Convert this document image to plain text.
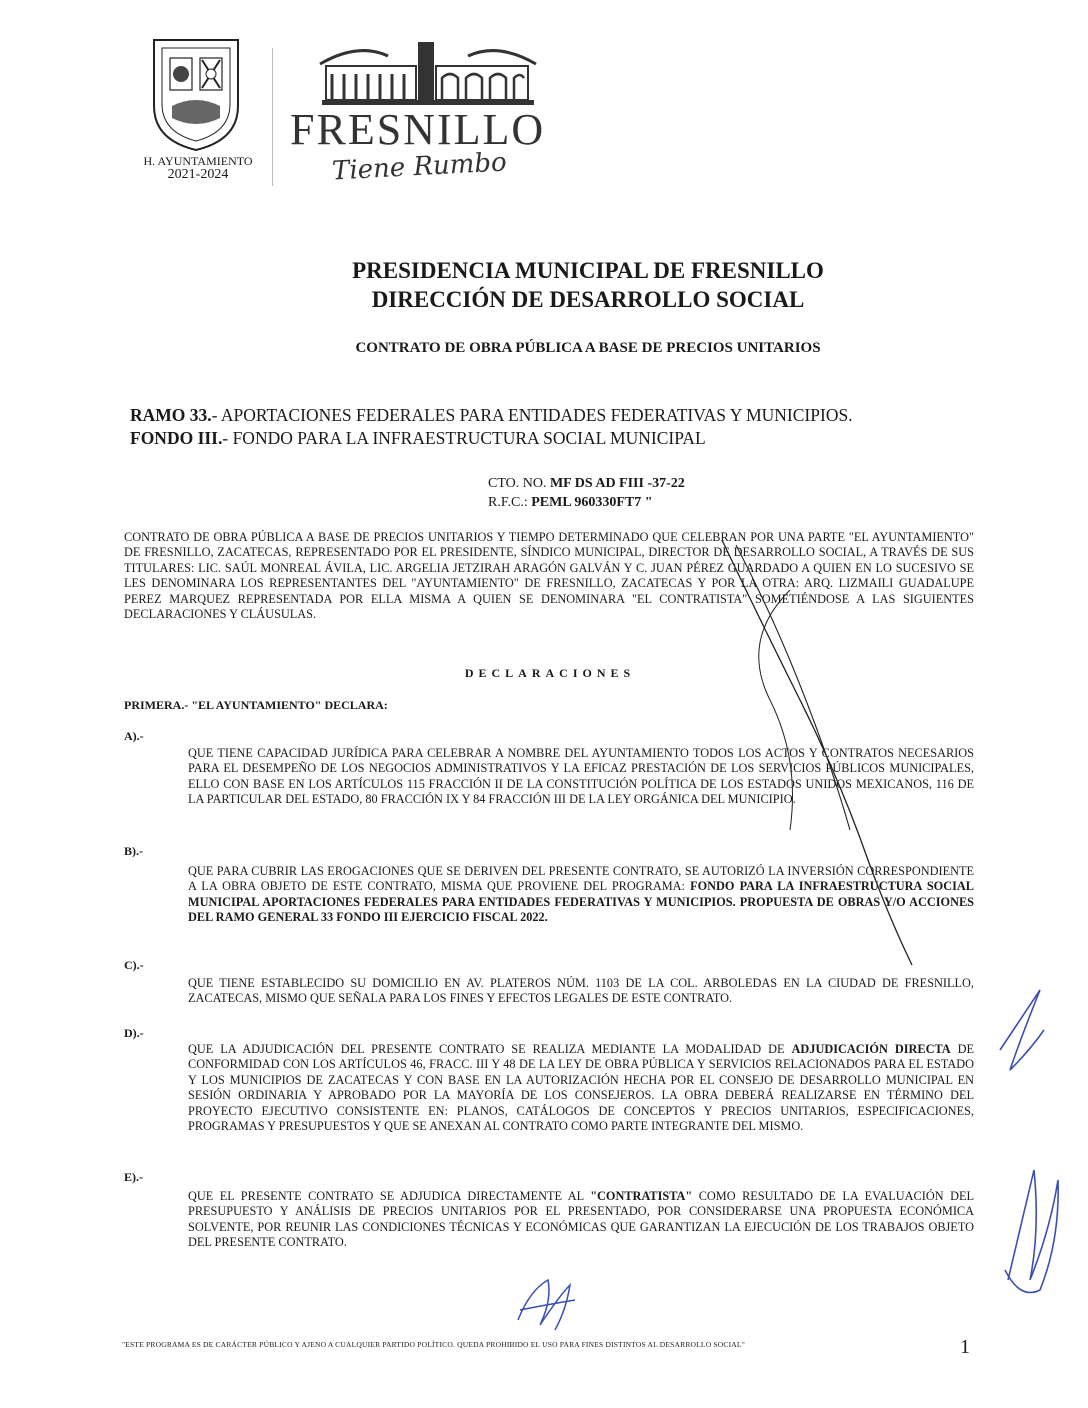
H. AYUNTAMIENTO
2021-2024
FRESNILLO
Tiene Rumbo
PRESIDENCIA MUNICIPAL DE FRESNILLO
DIRECCIÓN DE DESARROLLO SOCIAL
CONTRATO DE OBRA PÚBLICA A BASE DE PRECIOS UNITARIOS
RAMO 33.- APORTACIONES FEDERALES PARA ENTIDADES FEDERATIVAS Y MUNICIPIOS.
FONDO III.- FONDO PARA LA INFRAESTRUCTURA SOCIAL MUNICIPAL
CTO. NO. MF DS AD FIII -37-22
R.F.C.: PEML 960330FT7 "
CONTRATO DE OBRA PÚBLICA A BASE DE PRECIOS UNITARIOS Y TIEMPO DETERMINADO QUE CELEBRAN POR UNA PARTE "EL AYUNTAMIENTO" DE FRESNILLO, ZACATECAS, REPRESENTADO POR EL PRESIDENTE, SÍNDICO MUNICIPAL, DIRECTOR DE DESARROLLO SOCIAL, A TRAVÉS DE SUS TITULARES: LIC. SAÚL MONREAL ÁVILA, LIC. ARGELIA JETZIRAH ARAGÓN GALVÁN Y C. JUAN PÉREZ GUARDADO A QUIEN EN LO SUCESIVO SE LES DENOMINARA LOS REPRESENTANTES DEL "AYUNTAMIENTO" DE FRESNILLO, ZACATECAS Y POR LA OTRA: ARQ. LIZMAILI GUADALUPE PEREZ MARQUEZ REPRESENTADA POR ELLA MISMA A QUIEN SE DENOMINARA "EL CONTRATISTA" SOMETIÉNDOSE A LAS SIGUIENTES DECLARACIONES Y CLÁUSULAS.
DECLARACIONES
PRIMERA.- "EL AYUNTAMIENTO" DECLARA:
A).-
QUE TIENE CAPACIDAD JURÍDICA PARA CELEBRAR A NOMBRE DEL AYUNTAMIENTO TODOS LOS ACTOS Y CONTRATOS NECESARIOS PARA EL DESEMPEÑO DE LOS NEGOCIOS ADMINISTRATIVOS Y LA EFICAZ PRESTACIÓN DE LOS SERVICIOS PÚBLICOS MUNICIPALES, ELLO CON BASE EN LOS ARTÍCULOS 115 FRACCIÓN II DE LA CONSTITUCIÓN POLÍTICA DE LOS ESTADOS UNIDOS MEXICANOS, 116 DE LA PARTICULAR DEL ESTADO, 80 FRACCIÓN IX Y 84 FRACCIÓN III DE LA LEY ORGÁNICA DEL MUNICIPIO.
B).-
QUE PARA CUBRIR LAS EROGACIONES QUE SE DERIVEN DEL PRESENTE CONTRATO, SE AUTORIZÓ LA INVERSIÓN CORRESPONDIENTE A LA OBRA OBJETO DE ESTE CONTRATO, MISMA QUE PROVIENE DEL PROGRAMA: FONDO PARA LA INFRAESTRUCTURA SOCIAL MUNICIPAL APORTACIONES FEDERALES PARA ENTIDADES FEDERATIVAS Y MUNICIPIOS. PROPUESTA DE OBRAS Y/O ACCIONES DEL RAMO GENERAL 33 FONDO III EJERCICIO FISCAL 2022.
C).-
QUE TIENE ESTABLECIDO SU DOMICILIO EN AV. PLATEROS NÚM. 1103 DE LA COL. ARBOLEDAS EN LA CIUDAD DE FRESNILLO, ZACATECAS, MISMO QUE SEÑALA PARA LOS FINES Y EFECTOS LEGALES DE ESTE CONTRATO.
D).-
QUE LA ADJUDICACIÓN DEL PRESENTE CONTRATO SE REALIZA MEDIANTE LA MODALIDAD DE ADJUDICACIÓN DIRECTA DE CONFORMIDAD CON LOS ARTÍCULOS 46, FRACC. III Y 48 DE LA LEY DE OBRA PÚBLICA Y SERVICIOS RELACIONADOS PARA EL ESTADO Y LOS MUNICIPIOS DE ZACATECAS Y CON BASE EN LA AUTORIZACIÓN HECHA POR EL CONSEJO DE DESARROLLO MUNICIPAL EN SESIÓN ORDINARIA Y APROBADO POR LA MAYORÍA DE LOS CONSEJEROS. LA OBRA DEBERÁ REALIZARSE EN TÉRMINO DEL PROYECTO EJECUTIVO CONSISTENTE EN: PLANOS, CATÁLOGOS DE CONCEPTOS Y PRECIOS UNITARIOS, ESPECIFICACIONES, PROGRAMAS Y PRESUPUESTOS Y QUE SE ANEXAN AL CONTRATO COMO PARTE INTEGRANTE DEL MISMO.
E).-
QUE EL PRESENTE CONTRATO SE ADJUDICA DIRECTAMENTE AL "CONTRATISTA" COMO RESULTADO DE LA EVALUACIÓN DEL PRESUPUESTO Y ANÁLISIS DE PRECIOS UNITARIOS POR EL PRESENTADO, POR CONSIDERARSE UNA PROPUESTA ECONÓMICA SOLVENTE, POR REUNIR LAS CONDICIONES TÉCNICAS Y ECONÓMICAS QUE GARANTIZAN LA EJECUCIÓN DE LOS TRABAJOS OBJETO DEL PRESENTE CONTRATO.
"ESTE PROGRAMA ES DE CARÁCTER PÚBLICO Y AJENO A CUALQUIER PARTIDO POLÍTICO. QUEDA PROHIBIDO EL USO PARA FINES DISTINTOS AL DESARROLLO SOCIAL"	1
